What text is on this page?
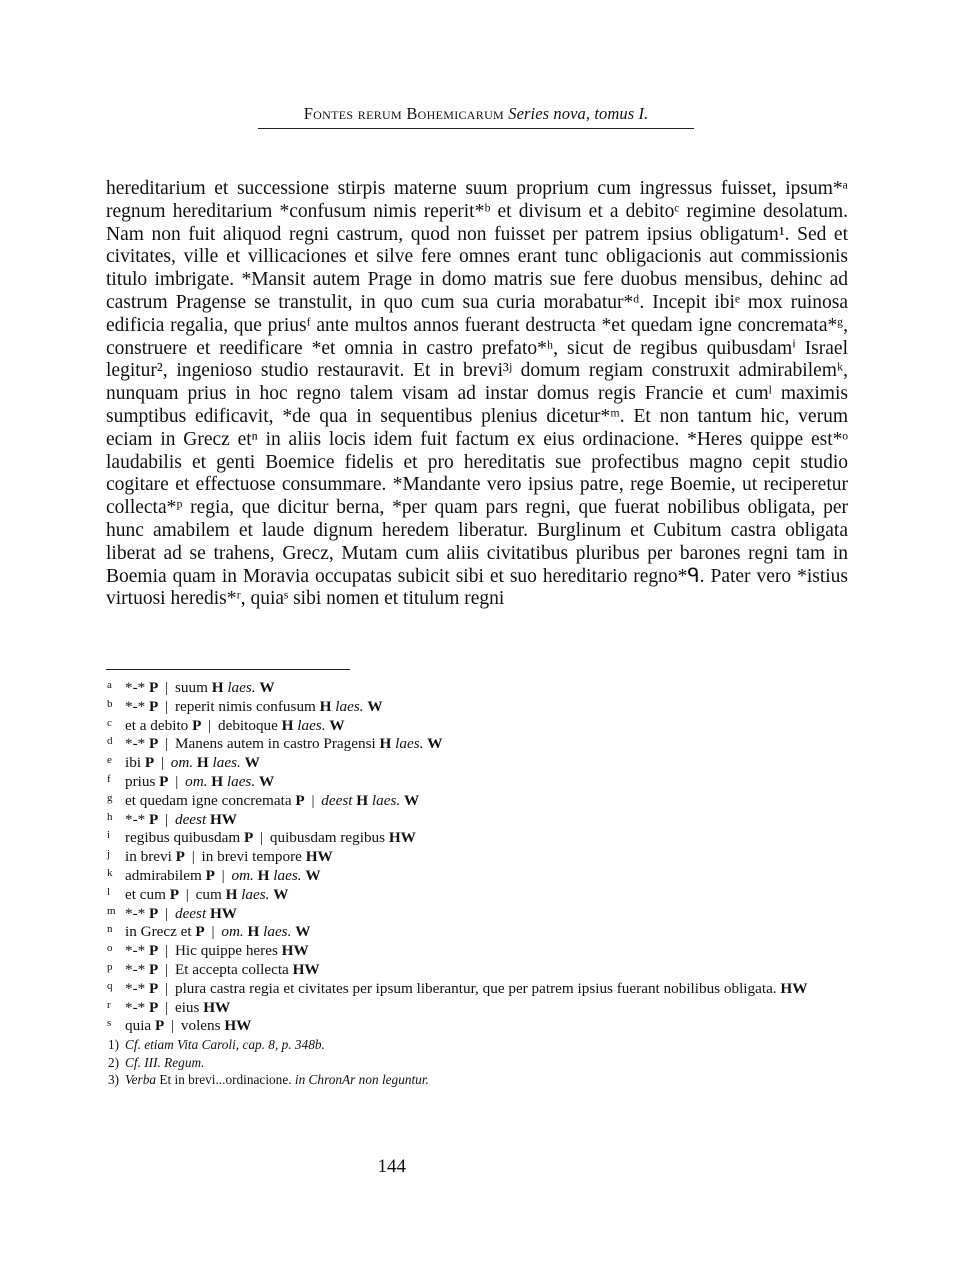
Fontes rerum Bohemicarum Series nova, tomus I.
hereditarium et successione stirpis materne suum proprium cum ingressus fuisset, ipsum*ᵃ regnum hereditarium *confusum nimis reperit*ᵇ et divisum et a debitoᶜ regimine desolatum. Nam non fuit aliquod regni castrum, quod non fuisset per patrem ipsius obligatum¹. Sed et civitates, ville et villicaciones et silve fere omnes erant tunc obligacionis aut commissionis titulo imbrigate. *Mansit autem Prage in domo matris sue fere duobus mensibus, dehinc ad castrum Pragense se transtulit, in quo cum sua curia morabatur*ᵈ. Incepit ibiᵉ mox ruinosa edificia regalia, que priusᶠ ante multos annos fuerant destructa *et quedam igne concremata*ᵍ, construere et reedificare *et omnia in castro prefato*ʰ, sicut de regibus quibusdamⁱ Israel legitur², ingenioso studio restauravit. Et in brevi³ʲ domum regiam construxit admirabilemᵏ, nunquam prius in hoc regno talem visam ad instar domus regis Francie et cumˡ maximis sumptibus edificavit, *de qua in sequentibus plenius dicetur*ᵐ. Et non tantum hic, verum eciam in Grecz etⁿ in aliis locis idem fuit factum ex eius ordinacione. *Heres quippe est*ᵒ laudabilis et genti Boemice fidelis et pro hereditatis sue profectibus magno cepit studio cogitare et effectuose consummare. *Mandante vero ipsius patre, rege Boemie, ut reciperetur collecta*ᵖ regia, que dicitur berna, *per quam pars regni, que fuerat nobilibus obligata, per hunc amabilem et laude dignum heredem liberatur. Burglinum et Cubitum castra obligata liberat ad se trahens, Grecz, Mutam cum aliis civitatibus pluribus per barones regni tam in Boemia quam in Moravia occupatas subicit sibi et suo hereditario regno*ᑫ. Pater vero *istius virtuosi heredis*ʳ, quiaˢ sibi nomen et titulum regni
a *-* P | suum H laes. W
b *-* P | reperit nimis confusum H laes. W
c et a debito P | debitoque H laes. W
d *-* P | Manens autem in castro Pragensi H laes. W
e ibi P | om. H laes. W
f prius P | om. H laes. W
g et quedam igne concremata P | deest H laes. W
h *-* P | deest HW
i regibus quibusdam P | quibusdam regibus HW
j in brevi P | in brevi tempore HW
k admirabilem P | om. H laes. W
l et cum P | cum H laes. W
m *-* P | deest HW
n in Grecz et P | om. H laes. W
o *-* P | Hic quippe heres HW
p *-* P | Et accepta collecta HW
q *-* P | plura castra regia et civitates per ipsum liberantur, que per patrem ipsius fuerant nobilibus obligata. HW
r *-* P | eius HW
s quia P | volens HW
1) Cf. etiam Vita Caroli, cap. 8, p. 348b.
2) Cf. III. Regum.
3) Verba Et in brevi...ordinacione. in ChronAr non leguntur.
144
